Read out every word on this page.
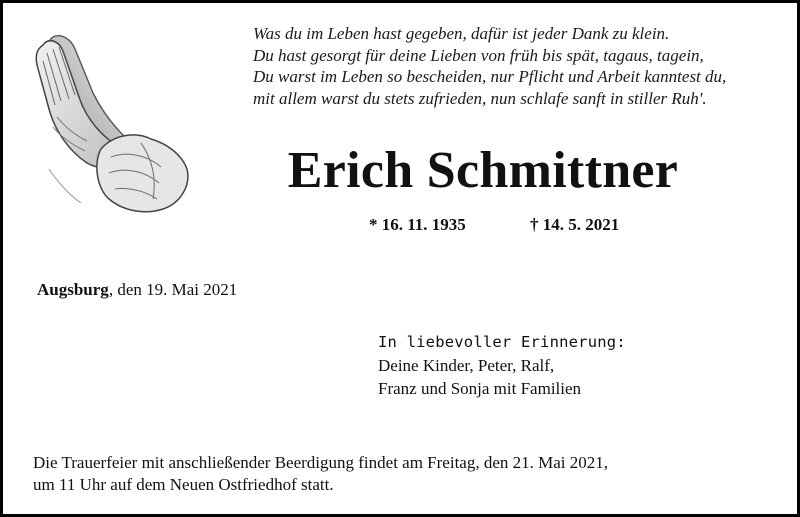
Was du im Leben hast gegeben, dafür ist jeder Dank zu klein.
Du hast gesorgt für deine Lieben von früh bis spät, tagaus, tagein,
Du warst im Leben so bescheiden, nur Pflicht und Arbeit kanntest du,
mit allem warst du stets zufrieden, nun schlafe sanft in stiller Ruh'.
Erich Schmittner
* 16. 11. 1935	† 14. 5. 2021
Augsburg, den 19. Mai 2021
In liebevoller Erinnerung:
Deine Kinder, Peter, Ralf,
Franz und Sonja mit Familien
Die Trauerfeier mit anschließender Beerdigung findet am Freitag, den 21. Mai 2021,
um 11 Uhr auf dem Neuen Ostfriedhof statt.
